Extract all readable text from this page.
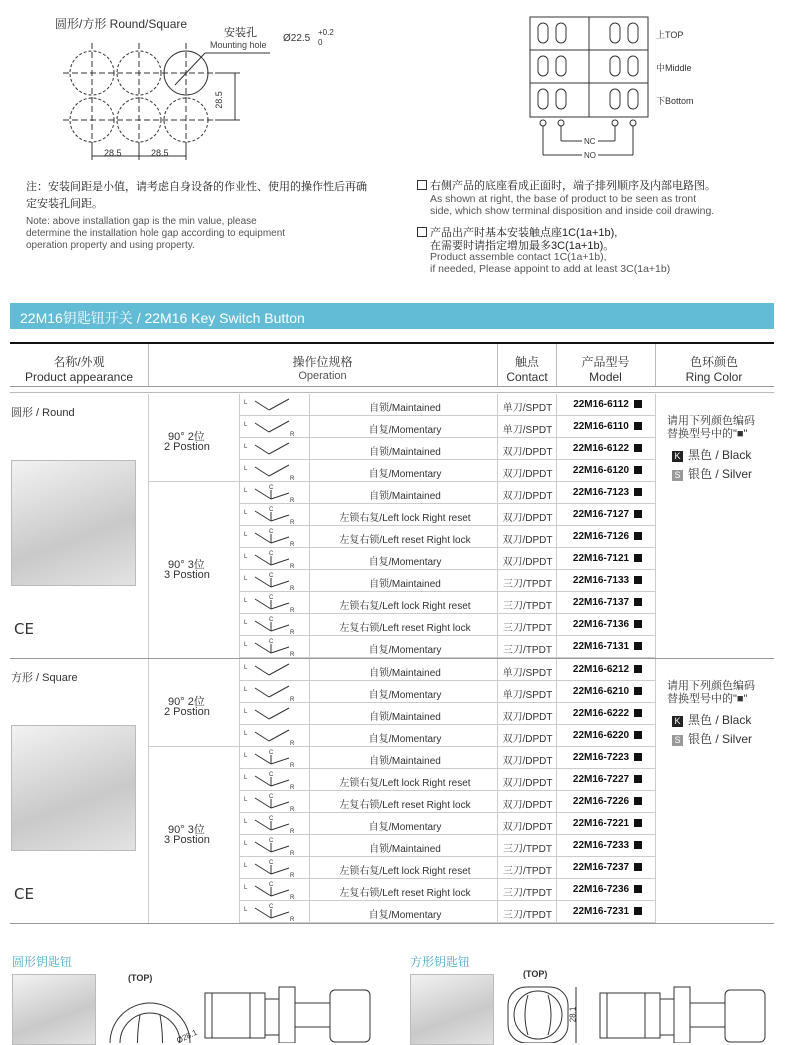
圆形/方形 Round/Square
安装孔
Mounting hole
Ø22.5
+0.2
0
28.5
28.5	28.5
注：安装间距是小值，请考虑自身设备的作业性、使用的操作性后再确定安装孔间距。
Note: above installation gap is the min value, please
determine the installation hole gap according to equipment
operation property and using property.
上TOP
中Middle
下Bottom
NC
NO
右侧产品的底座看成正面时，端子排列顺序及内部电路图。
As shown at right, the base of product to be seen as tront
side, which show terminal disposition and inside coil drawing.
产品出产时基本安装触点座1C(1a+1b),
在需要时请指定增加最多3C(1a+1b)。
Product assemble contact 1C(1a+1b),
if needed, Please appoint to add at least 3C(1a+1b)
22M16钥匙钮开关 / 22M16 Key Switch Button
名称/外观
Product appearance
操作位规格
Operation
触点
Contact
产品型号
Model
色环颜色
Ring Color
圆形 / Round
CE
90° 2位
2 Postion
90° 3位
3 Postion
请用下列颜色编码
替换型号中的"■"
K 黑色 / Black
S 银色 / Silver
L	自锁/Maintained	单刀/SPDT	22M16-6112
L
R	自复/Momentary	单刀/SPDT	22M16-6110
L	自锁/Maintained	双刀/DPDT	22M16-6122
L
R	自复/Momentary	双刀/DPDT	22M16-6120
L	C
R	自锁/Maintained	双刀/DPDT	22M16-7123
L	C
R	左锁右复/Left lock Right reset	双刀/DPDT	22M16-7127
L	C
R	左复右锁/Left reset Right lock	双刀/DPDT	22M16-7126
L	C
R	自复/Momentary	双刀/DPDT	22M16-7121
L	C
R	自锁/Maintained	三刀/TPDT	22M16-7133
L	C
R	左锁右复/Left lock Right reset	三刀/TPDT	22M16-7137
L	C
R	左复右锁/Left reset Right lock	三刀/TPDT	22M16-7136
L	C
R	自复/Momentary	三刀/TPDT	22M16-7131
方形 / Square
CE
90° 2位
2 Postion
90° 3位
3 Postion
请用下列颜色编码
替换型号中的"■"
K 黑色 / Black
S 银色 / Silver
L	自锁/Maintained	单刀/SPDT	22M16-6212
L
R	自复/Momentary	单刀/SPDT	22M16-6210
L	自锁/Maintained	双刀/DPDT	22M16-6222
L
R	自复/Momentary	双刀/DPDT	22M16-6220
L	C
R	自锁/Maintained	双刀/DPDT	22M16-7223
L	C
R	左锁右复/Left lock Right reset	双刀/DPDT	22M16-7227
L	C
R	左复右锁/Left reset Right lock	双刀/DPDT	22M16-7226
L	C
R	自复/Momentary	双刀/DPDT	22M16-7221
L	C
R	自锁/Maintained	三刀/TPDT	22M16-7233
L	C
R	左锁右复/Left lock Right reset	三刀/TPDT	22M16-7237
L	C
R	左复右锁/Left reset Right lock	三刀/TPDT	22M16-7236
L	C
R	自复/Momentary	三刀/TPDT	22M16-7231
圆形钥匙钮	方形钥匙钮
(TOP)	(TOP)
Ø28.1
28.1
